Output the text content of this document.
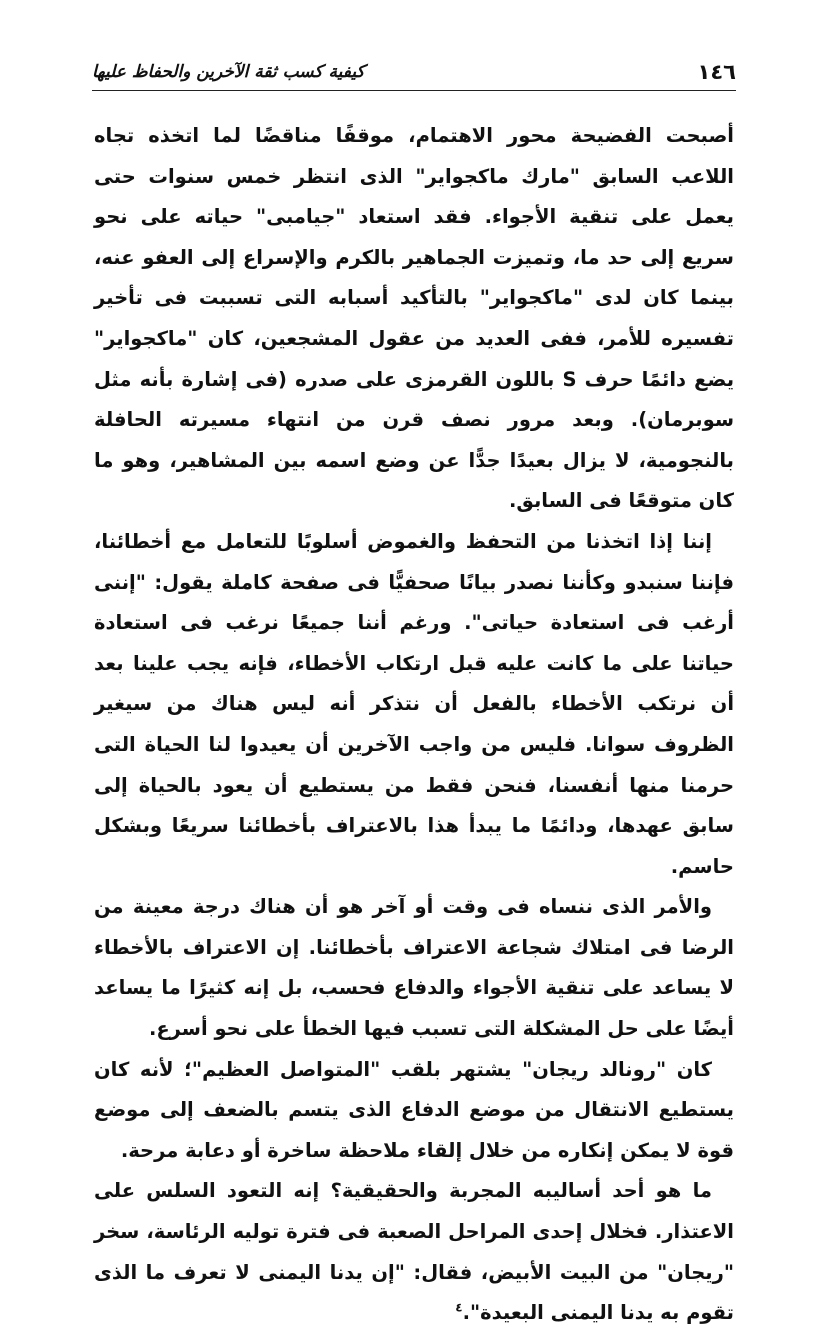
١٤٦
كيفية كسب ثقة الآخرين والحفاظ عليها

أصبحت الفضيحة محور الاهتمام، موقفًا مناقضًا لما اتخذه تجاه اللاعب السابق "مارك ماكجواير" الذى انتظر خمس سنوات حتى يعمل على تنقية الأجواء. فقد استعاد "جيامبى" حياته على نحو سريع إلى حد ما، وتميزت الجماهير بالكرم والإسراع إلى العفو عنه، بينما كان لدى "ماكجواير" بالتأكيد أسبابه التى تسببت فى تأخير تفسيره للأمر، ففى العديد من عقول المشجعين، كان "ماكجواير" يضع دائمًا حرف S باللون القرمزى على صدره (فى إشارة بأنه مثل سوبرمان). وبعد مرور نصف قرن من انتهاء مسيرته الحافلة بالنجومية، لا يزال بعيدًا جدًّا عن وضع اسمه بين المشاهير، وهو ما كان متوقعًا فى السابق.

إننا إذا اتخذنا من التحفظ والغموض أسلوبًا للتعامل مع أخطائنا، فإننا سنبدو وكأننا نصدر بيانًا صحفيًّا فى صفحة كاملة يقول: "إننى أرغب فى استعادة حياتى". ورغم أننا جميعًا نرغب فى استعادة حياتنا على ما كانت عليه قبل ارتكاب الأخطاء، فإنه يجب علينا بعد أن نرتكب الأخطاء بالفعل أن نتذكر أنه ليس هناك من سيغير الظروف سوانا. فليس من واجب الآخرين أن يعيدوا لنا الحياة التى حرمنا منها أنفسنا، فنحن فقط من يستطيع أن يعود بالحياة إلى سابق عهدها، ودائمًا ما يبدأ هذا بالاعتراف بأخطائنا سريعًا وبشكل حاسم.

والأمر الذى ننساه فى وقت أو آخر هو أن هناك درجة معينة من الرضا فى امتلاك شجاعة الاعتراف بأخطائنا. إن الاعتراف بالأخطاء لا يساعد على تنقية الأجواء والدفاع فحسب، بل إنه كثيرًا ما يساعد أيضًا على حل المشكلة التى تسبب فيها الخطأ على نحو أسرع.

كان "رونالد ريجان" يشتهر بلقب "المتواصل العظيم"؛ لأنه كان يستطيع الانتقال من موضع الدفاع الذى يتسم بالضعف إلى موضع قوة لا يمكن إنكاره من خلال إلقاء ملاحظة ساخرة أو دعابة مرحة.

ما هو أحد أساليبه المجربة والحقيقية؟ إنه التعود السلس على الاعتذار. فخلال إحدى المراحل الصعبة فى فترة توليه الرئاسة، سخر "ريجان" من البيت الأبيض، فقال: "إن يدنا اليمنى لا تعرف ما الذى تقوم به يدنا اليمنى البعيدة".$^٤$
